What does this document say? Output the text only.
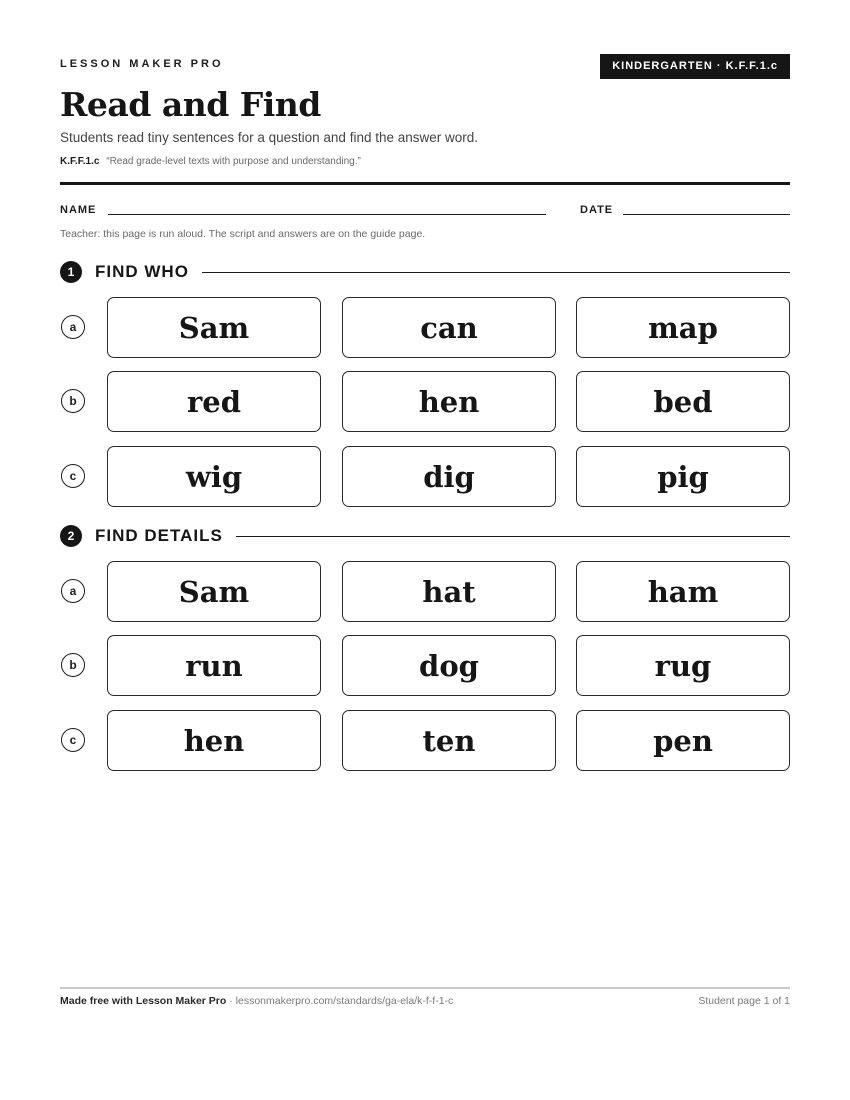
LESSON MAKER PRO	KINDERGARTEN · K.F.F.1.c
Read and Find
Students read tiny sentences for a question and find the answer word.
K.F.F.1.c “Read grade-level texts with purpose and understanding.”
NAME	DATE
Teacher: this page is run aloud. The script and answers are on the guide page.
1	FIND WHO
a	Sam	can	map
b	red	hen	bed
c	wig	dig	pig
2	FIND DETAILS
a	Sam	hat	ham
b	run	dog	rug
c	hen	ten	pen
Made free with Lesson Maker Pro · lessonmakerpro.com/standards/ga-ela/k-f-f-1-c	Student page 1 of 1
